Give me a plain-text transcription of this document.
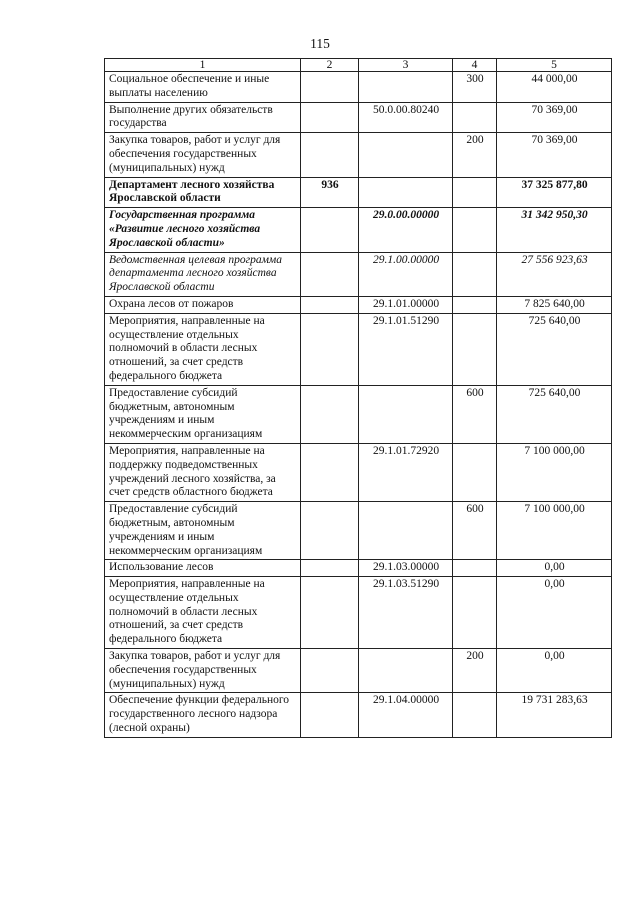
115
1	2	3	4	5
Социальное обеспечение и иные выплаты населению			300	44 000,00
Выполнение других обязательств государства		50.0.00.80240		70 369,00
Закупка товаров, работ и услуг для обеспечения государственных (муниципальных) нужд			200	70 369,00
Департамент лесного хозяйства Ярославской области	936			37 325 877,80
Государственная программа «Развитие лесного хозяйства Ярославской области»		29.0.00.00000		31 342 950,30
Ведомственная целевая программа департамента лесного хозяйства Ярославской области		29.1.00.00000		27 556 923,63
Охрана лесов от пожаров		29.1.01.00000		7 825 640,00
Мероприятия, направленные на осуществление отдельных полномочий в области лесных отношений, за счет средств федерального бюджета		29.1.01.51290		725 640,00
Предоставление субсидий бюджетным, автономным учреждениям и иным некоммерческим организациям			600	725 640,00
Мероприятия, направленные на поддержку подведомственных учреждений лесного хозяйства, за счет средств областного бюджета		29.1.01.72920		7 100 000,00
Предоставление субсидий бюджетным, автономным учреждениям и иным некоммерческим организациям			600	7 100 000,00
Использование лесов		29.1.03.00000		0,00
Мероприятия, направленные на осуществление отдельных полномочий в области лесных отношений, за счет средств федерального бюджета		29.1.03.51290		0,00
Закупка товаров, работ и услуг для обеспечения государственных (муниципальных) нужд			200	0,00
Обеспечение функции федерального государственного лесного надзора (лесной охраны)		29.1.04.00000		19 731 283,63
